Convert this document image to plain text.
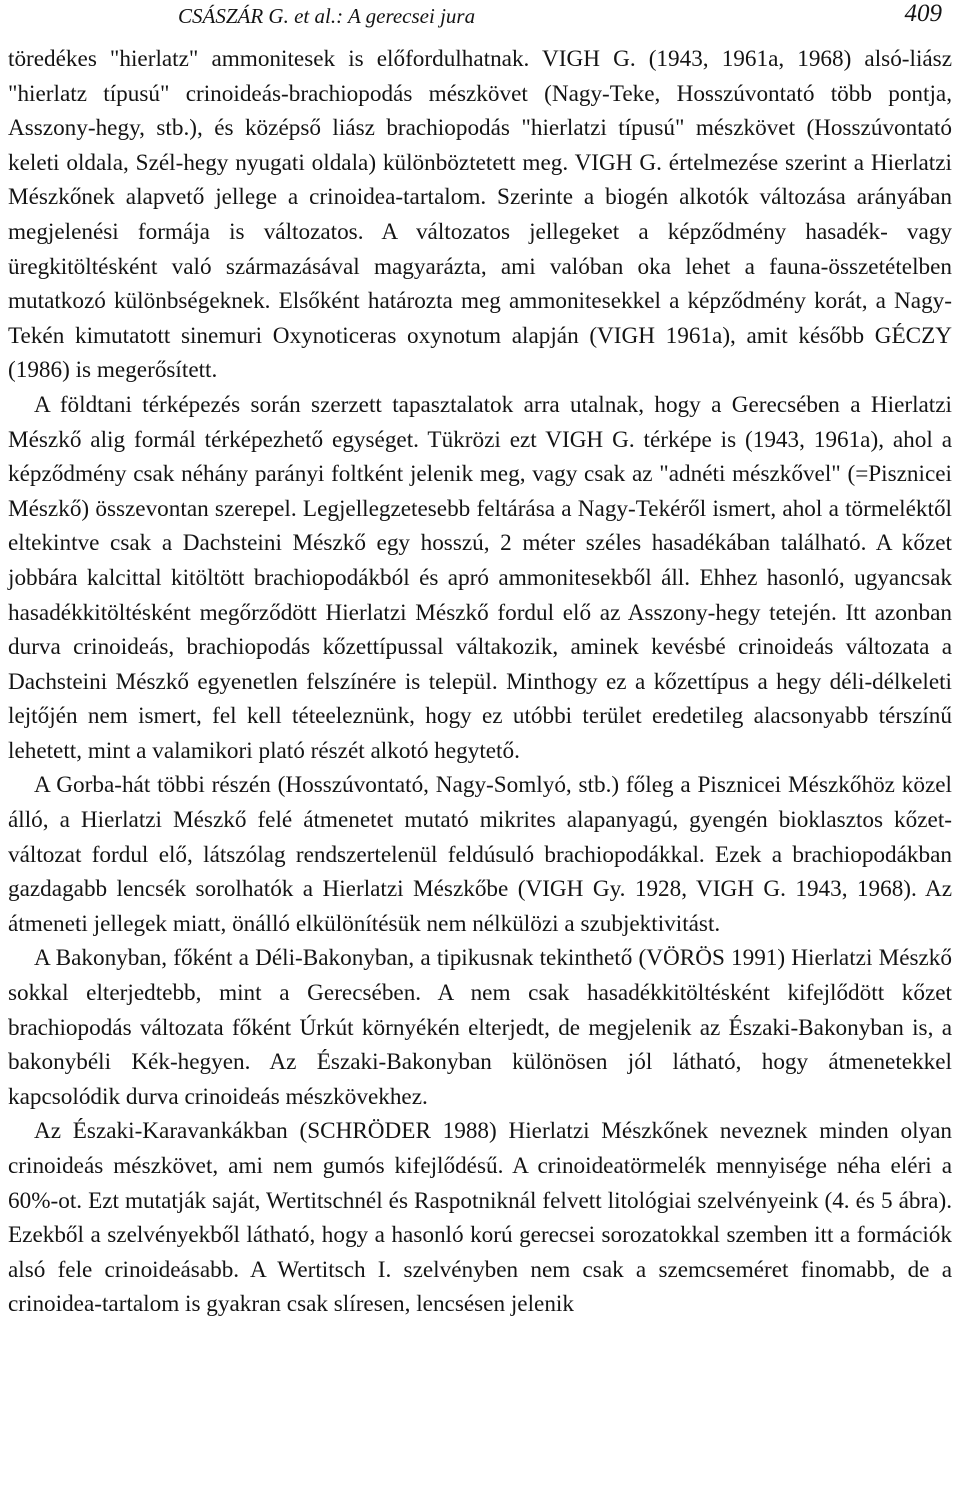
CSÁSZÁR G. et al.: A gerecsei jura	409

töredékes "hierlatz" ammonitesek is előfordulhatnak. VIGH G. (1943, 1961a, 1968) alsó-liász "hierlatz típusú" crinoideás-brachiopodás mészkövet (Nagy-Teke, Hosszúvontató több pontja, Asszony-hegy, stb.), és középső liász brachiopodás "hierlatzi típusú" mészkövet (Hosszúvontató keleti oldala, Szél-hegy nyugati oldala) különböztetett meg. VIGH G. értelmezése szerint a Hierlatzi Mészkőnek alapvető jellege a crinoidea-tartalom. Szerinte a biogén alkotók változása arányában megjelenési formája is változatos. A változatos jellegeket a képződmény hasadék- vagy üregkitöltésként való származásával magyarázta, ami valóban oka lehet a fauna-összetételben mutatkozó különbségeknek. Elsőként határozta meg ammonitesekkel a képződmény korát, a Nagy-Tekén kimutatott sinemuri Oxynoticeras oxynotum alapján (VIGH 1961a), amit később GÉCZY (1986) is megerősített.

A földtani térképezés során szerzett tapasztalatok arra utalnak, hogy a Gerecsében a Hierlatzi Mészkő alig formál térképezhető egységet. Tükrözi ezt VIGH G. térképe is (1943, 1961a), ahol a képződmény csak néhány parányi foltként jelenik meg, vagy csak az "adnéti mészkővel" (=Pisznicei Mészkő) összevontan szerepel. Legjellegzetesebb feltárása a Nagy-Tekéről ismert, ahol a törmeléktől eltekintve csak a Dachsteini Mészkő egy hosszú, 2 méter széles hasadékában található. A kőzet jobbára kalcittal kitöltött brachiopodákból és apró ammonitesekből áll. Ehhez hasonló, ugyancsak hasadékkitöltésként megőrződött Hierlatzi Mészkő fordul elő az Asszony-hegy tetején. Itt azonban durva crinoideás, brachiopodás kőzettípussal váltakozik, aminek kevésbé crinoideás változata a Dachsteini Mészkő egyenetlen felszínére is települ. Minthogy ez a kőzettípus a hegy déli-délkeleti lejtőjén nem ismert, fel kell téteeleznünk, hogy ez utóbbi terület eredetileg alacsonyabb térszínű lehetett, mint a valamikori plató részét alkotó hegytető.

A Gorba-hát többi részén (Hosszúvontató, Nagy-Somlyó, stb.) főleg a Pisznicei Mészkőhöz közel álló, a Hierlatzi Mészkő felé átmenetet mutató mikrites alapanyagú, gyengén bioklasztos kőzet-változat fordul elő, látszólag rendszertelenül feldúsuló brachiopodákkal. Ezek a brachiopodákban gazdagabb lencsék sorolhatók a Hierlatzi Mészkőbe (VIGH Gy. 1928, VIGH G. 1943, 1968). Az átmeneti jellegek miatt, önálló elkülönítésük nem nélkülözi a szubjektivitást.

A Bakonyban, főként a Déli-Bakonyban, a tipikusnak tekinthető (VÖRÖS 1991) Hierlatzi Mészkő sokkal elterjedtebb, mint a Gerecsében. A nem csak hasadékkitöltésként kifejlődött kőzet brachiopodás változata főként Úrkút környékén elterjedt, de megjelenik az Északi-Bakonyban is, a bakonybéli Kék-hegyen. Az Északi-Bakonyban különösen jól látható, hogy átmenetekkel kapcsolódik durva crinoideás mészkövekhez.

Az Északi-Karavankákban (SCHRÖDER 1988) Hierlatzi Mészkőnek neveznek minden olyan crinoideás mészkövet, ami nem gumós kifejlődésű. A crinoideatörmelék mennyisége néha eléri a 60%-ot. Ezt mutatják saját, Wertitschnél és Raspotniknál felvett litológiai szelvényeink (4. és 5 ábra). Ezekből a szelvényekből látható, hogy a hasonló korú gerecsei sorozatokkal szemben itt a formációk alsó fele crinoideásabb. A Wertitsch I. szelvényben nem csak a szemcseméret finomabb, de a crinoidea-tartalom is gyakran csak slíresen, lencsésen jelenik
